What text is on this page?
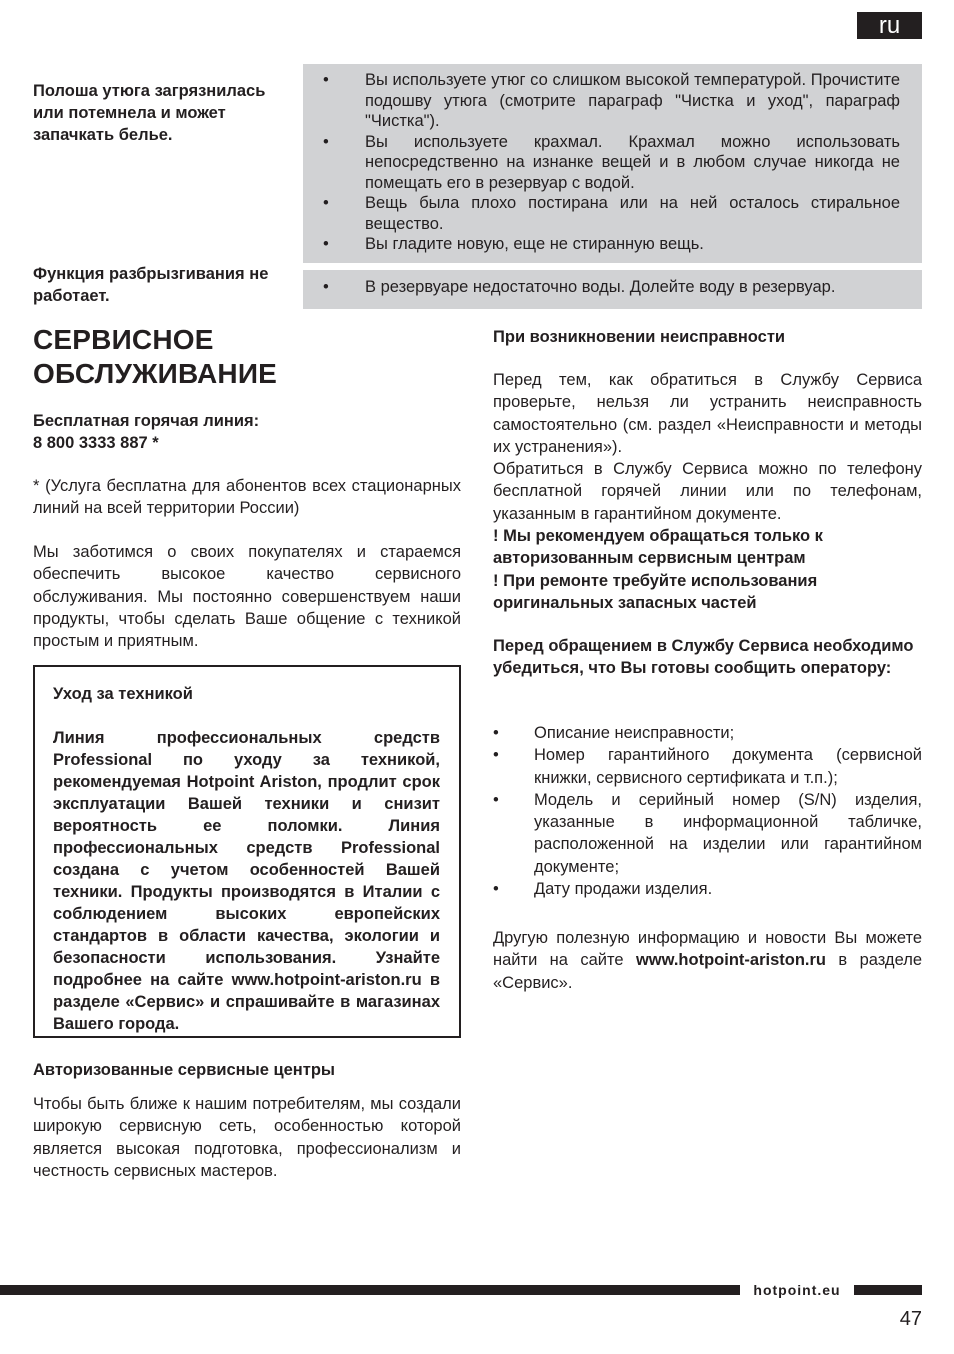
ru
Полоша утюга загрязнилась или потемнела и может запачкать белье.
•	Вы используете утюг со слишком высокой температурой. Прочистите подошву утюга (смотрите параграф "Чистка и уход", параграф "Чистка").
•	Вы используете крахмал. Крахмал можно использовать непосредственно на изнанке вещей и в любом случае никогда не помещать его в резервуар с водой.
•	Вещь была плохо постирана или на ней осталось стиральное вещество.
•	Вы гладите новую, еще не стиранную вещь.
Функция разбрызгивания не работает.	•	В резервуаре недостаточно воды. Долейте воду в резервуар.
СЕРВИСНОЕ
ОБСЛУЖИВАНИЕ
Бесплатная горячая линия:
8 800 3333 887 *

* (Услуга бесплатна для абонентов всех стационарных линий на всей территории России)

Мы заботимся о своих покупателях и стараемся обеспечить высокое качество сервисного обслуживания. Мы постоянно совершенствуем наши продукты, чтобы сделать Ваше общение с техникой простым и приятным.

Уход за техникой

Линия профессиональных средств Professional по уходу за техникой, рекомендуемая Hotpoint Ariston, продлит срок эксплуатации Вашей техники и снизит вероятность ее поломки. Линия профессиональных средств Professional создана с учетом особенностей Вашей техники. Продукты производятся в Италии с соблюдением высоких европейских стандартов в области качества, экологии и безопасности использования. Узнайте подробнее на сайте www.hotpoint-ariston.ru в разделе «Сервис» и спрашивайте в магазинах Вашего города.

Авторизованные сервисные центры

Чтобы быть ближе к нашим потребителям, мы создали широкую сервисную сеть, особенностью которой является высокая подготовка, профессионализм и честность сервисных мастеров.

При возникновении неисправности

Перед тем, как обратиться в Службу Сервиса проверьте, нельзя ли устранить неисправность самостоятельно (см. раздел «Неисправности и методы их устранения»).

Обратиться в Службу Сервиса можно по телефону бесплатной горячей линии или по телефонам, указанным в гарантийном документе.

! Мы рекомендуем обращаться только к авторизованным сервисным центрам

! При ремонте требуйте использования оригинальных запасных частей

Перед обращением в Службу Сервиса необходимо убедиться, что Вы готовы сообщить оператору:
•	Описание неисправности;
•	Номер гарантийного документа (сервисной книжки, сервисного сертификата и т.п.);
•	Модель и серийный номер (S/N) изделия, указанные в информационной табличке, расположенной на изделии или гарантийном документе;
•	Дату продажи изделия.

Другую полезную информацию и новости Вы можете найти на сайте www.hotpoint-ariston.ru в разделе «Сервис».

hotpoint.eu
47
